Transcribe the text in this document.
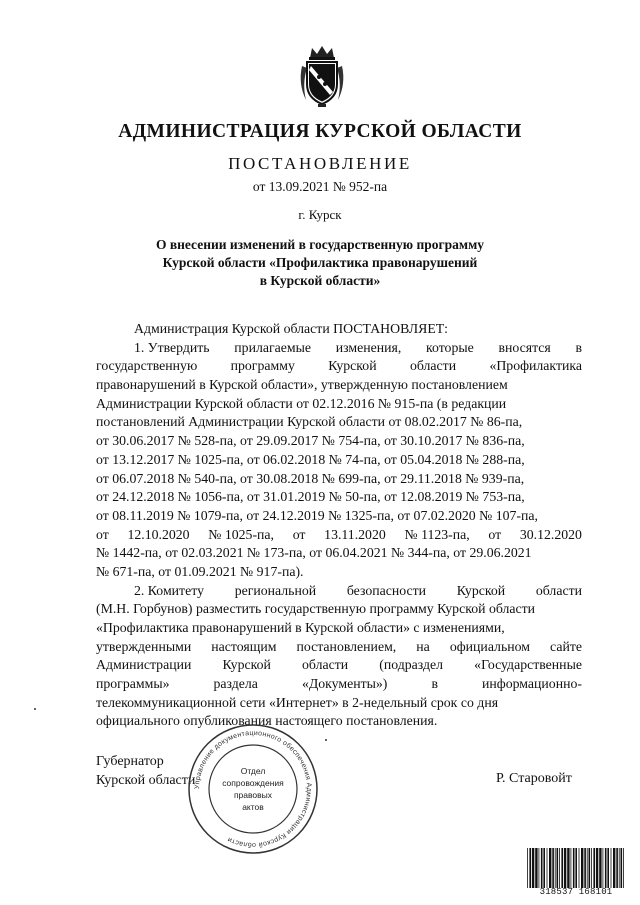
АДМИНИСТРАЦИЯ КУРСКОЙ ОБЛАСТИ
ПОСТАНОВЛЕНИЕ
от 13.09.2021 № 952-па
г. Курск
О внесении изменений в государственную программу
Курской области «Профилактика правонарушений
в Курской области»
Администрация Курской области ПОСТАНОВЛЯЕТ:
1. Утвердить прилагаемые изменения, которые вносятся в
государственную программу Курской области «Профилактика
правонарушений в Курской области», утвержденную постановлением
Администрации Курской области от 02.12.2016 № 915-па (в редакции
постановлений Администрации Курской области от 08.02.2017 № 86-па,
от 30.06.2017 № 528-па, от 29.09.2017 № 754-па, от 30.10.2017 № 836-па,
от 13.12.2017 № 1025-па, от 06.02.2018 № 74-па, от 05.04.2018 № 288-па,
от 06.07.2018 № 540-па, от 30.08.2018 № 699-па, от 29.11.2018 № 939-па,
от 24.12.2018 № 1056-па, от 31.01.2019 № 50-па, от 12.08.2019 № 753-па,
от 08.11.2019 № 1079-па, от 24.12.2019 № 1325-па, от 07.02.2020 № 107-па,
от 12.10.2020 № 1025-па, от 13.11.2020 № 1123-па, от 30.12.2020
№ 1442-па, от 02.03.2021 № 173-па, от 06.04.2021 № 344-па, от 29.06.2021
№ 671-па, от 01.09.2021 № 917-па).
2. Комитету региональной безопасности Курской области
(М.Н. Горбунов) разместить государственную программу Курской области
«Профилактика правонарушений в Курской области» с изменениями,
утвержденными настоящим постановлением, на официальном сайте
Администрации Курской области (подраздел «Государственные
программы»	раздела	«Документы»)	в	информационно-
телекоммуникационной сети «Интернет» в 2-недельный срок со дня
официального опубликования настоящего постановления.
Губернатор
Курской области	Р. Старовойт
Управление документационного обеспечения Администрации Курской области
Отдел
сопровождения
правовых
актов
318537 168101
